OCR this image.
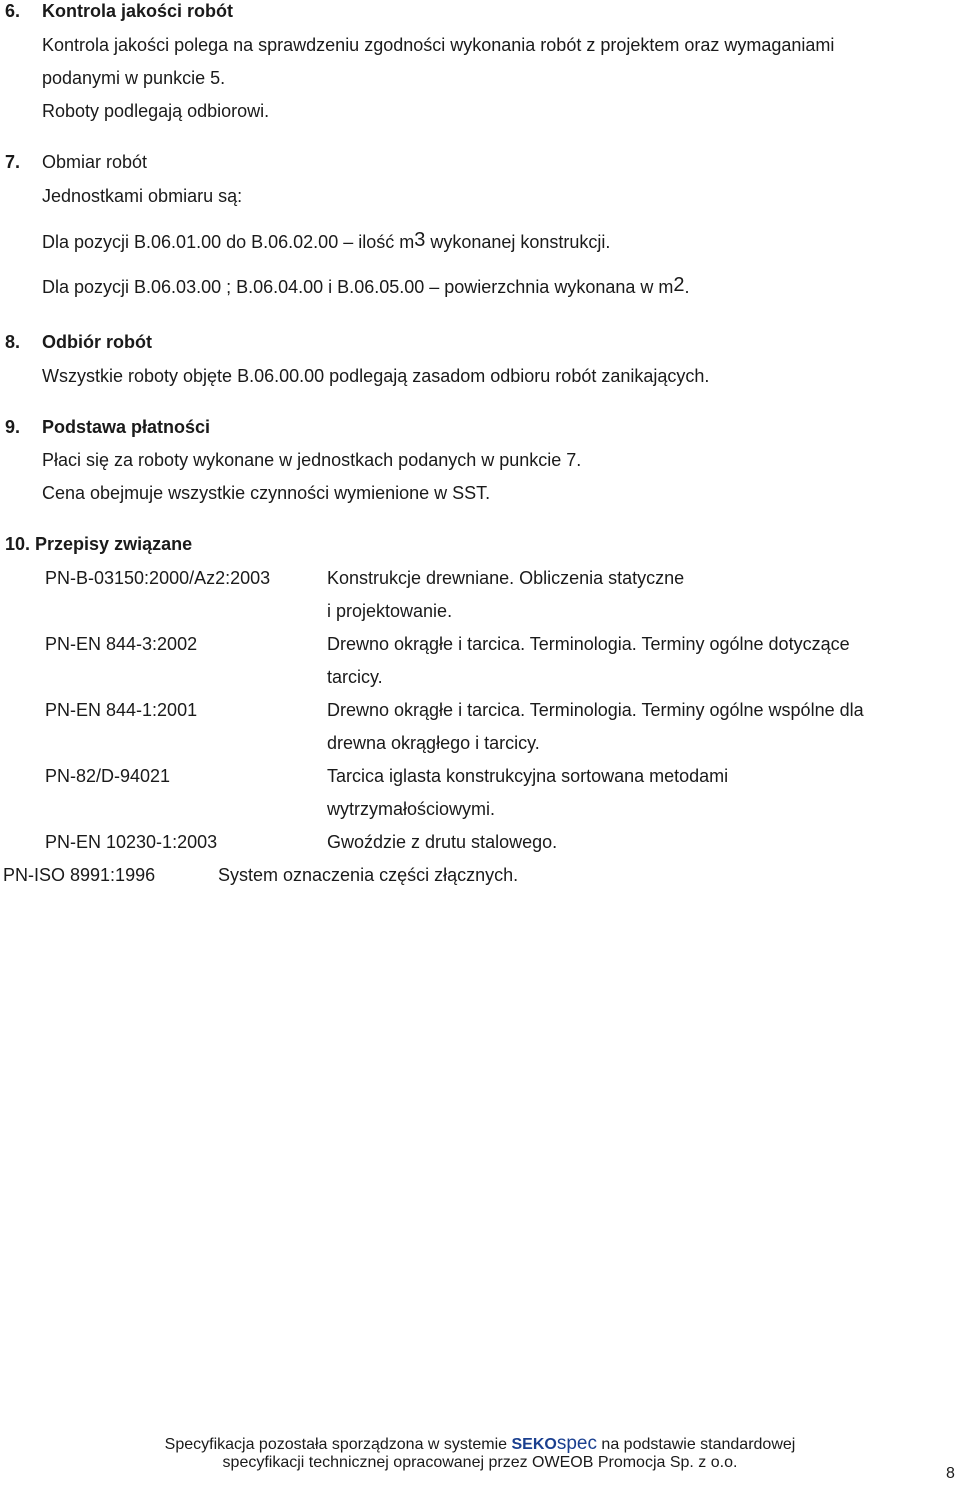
6. Kontrola jakości robót
Kontrola jakości polega na sprawdzeniu zgodności wykonania robót z projektem oraz wymaganiami
podanymi w punkcie 5.
Roboty podlegają odbiorowi.
7. Obmiar robót
Jednostkami obmiaru są:
Dla pozycji B.06.01.00 do B.06.02.00 – ilość $m^3$ wykonanej konstrukcji.
Dla pozycji B.06.03.00 ; B.06.04.00 i B.06.05.00 – powierzchnia wykonana w $m^2$.
8. Odbiór robót
Wszystkie roboty objęte B.06.00.00 podlegają zasadom odbioru robót zanikających.
9. Podstawa płatności
Płaci się za roboty wykonane w jednostkach podanych w punkcie 7.
Cena obejmuje wszystkie czynności wymienione w SST.
10. Przepisy związane
PN-B-03150:2000/Az2:2003	Konstrukcje drewniane. Obliczenia statyczne
i projektowanie.
PN-EN 844-3:2002	Drewno okrągłe i tarcica. Terminologia. Terminy ogólne dotyczące
tarcicy.
PN-EN 844-1:2001	Drewno okrągłe i tarcica. Terminologia. Terminy ogólne wspólne dla
drewna okrągłego i tarcicy.
PN-82/D-94021	Tarcica iglasta konstrukcyjna sortowana metodami
wytrzymałościowymi.
PN-EN 10230-1:2003	Gwoździe z drutu stalowego.
PN-ISO 8991:1996	System oznaczenia części złącznych.
Specyfikacja pozostała sporządzona w systemie SEKOspec na podstawie standardowej
specyfikacji technicznej opracowanej przez OWEOB Promocja Sp. z o.o.
8
